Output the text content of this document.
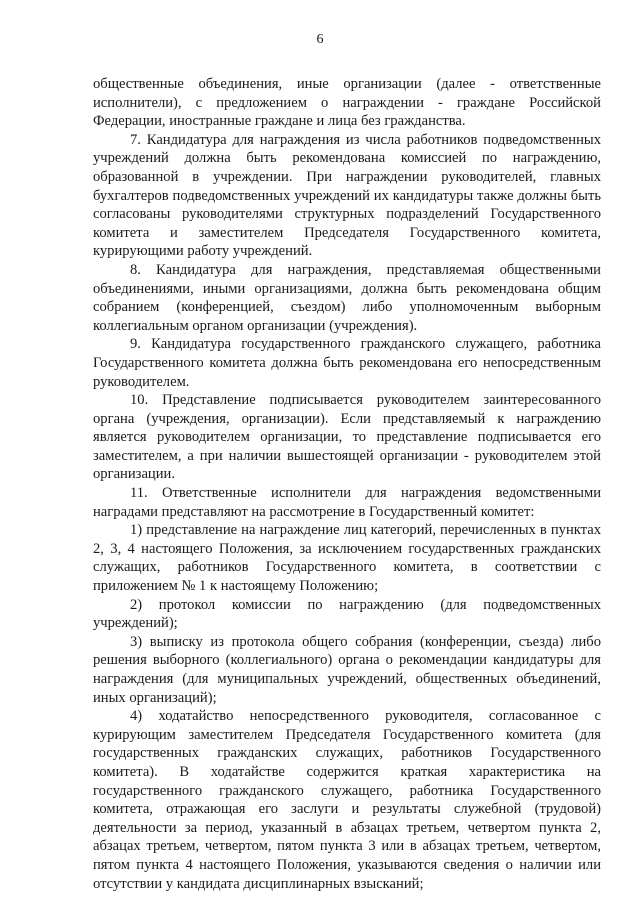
6

общественные объединения, иные организации (далее - ответственные исполнители), с предложением о награждении - граждане Российской Федерации, иностранные граждане и лица без гражданства.

7. Кандидатура для награждения из числа работников подведомственных учреждений должна быть рекомендована комиссией по награждению, образованной в учреждении. При награждении руководителей, главных бухгалтеров подведомственных учреждений их кандидатуры также должны быть согласованы руководителями структурных подразделений Государственного комитета и заместителем Председателя Государственного комитета, курирующими работу учреждений.

8. Кандидатура для награждения, представляемая общественными объединениями, иными организациями, должна быть рекомендована общим собранием (конференцией, съездом) либо уполномоченным выборным коллегиальным органом организации (учреждения).

9. Кандидатура государственного гражданского служащего, работника Государственного комитета должна быть рекомендована его непосредственным руководителем.

10. Представление подписывается руководителем заинтересованного органа (учреждения, организации). Если представляемый к награждению является руководителем организации, то представление подписывается его заместителем, а при наличии вышестоящей организации - руководителем этой организации.

11. Ответственные исполнители для награждения ведомственными наградами представляют на рассмотрение в Государственный комитет:

1) представление на награждение лиц категорий, перечисленных в пунктах 2, 3, 4 настоящего Положения, за исключением государственных гражданских служащих, работников Государственного комитета, в соответствии с приложением № 1 к настоящему Положению;

2) протокол комиссии по награждению (для подведомственных учреждений);

3) выписку из протокола общего собрания (конференции, съезда) либо решения выборного (коллегиального) органа о рекомендации кандидатуры для награждения (для муниципальных учреждений, общественных объединений, иных организаций);

4) ходатайство непосредственного руководителя, согласованное с курирующим заместителем Председателя Государственного комитета (для государственных гражданских служащих, работников Государственного комитета). В ходатайстве содержится краткая характеристика на государственного гражданского служащего, работника Государственного комитета, отражающая его заслуги и результаты служебной (трудовой) деятельности за период, указанный в абзацах третьем, четвертом пункта 2, абзацах третьем, четвертом, пятом пункта 3 или в абзацах третьем, четвертом, пятом пункта 4 настоящего Положения, указываются сведения о наличии или отсутствии у кандидата дисциплинарных взысканий;
